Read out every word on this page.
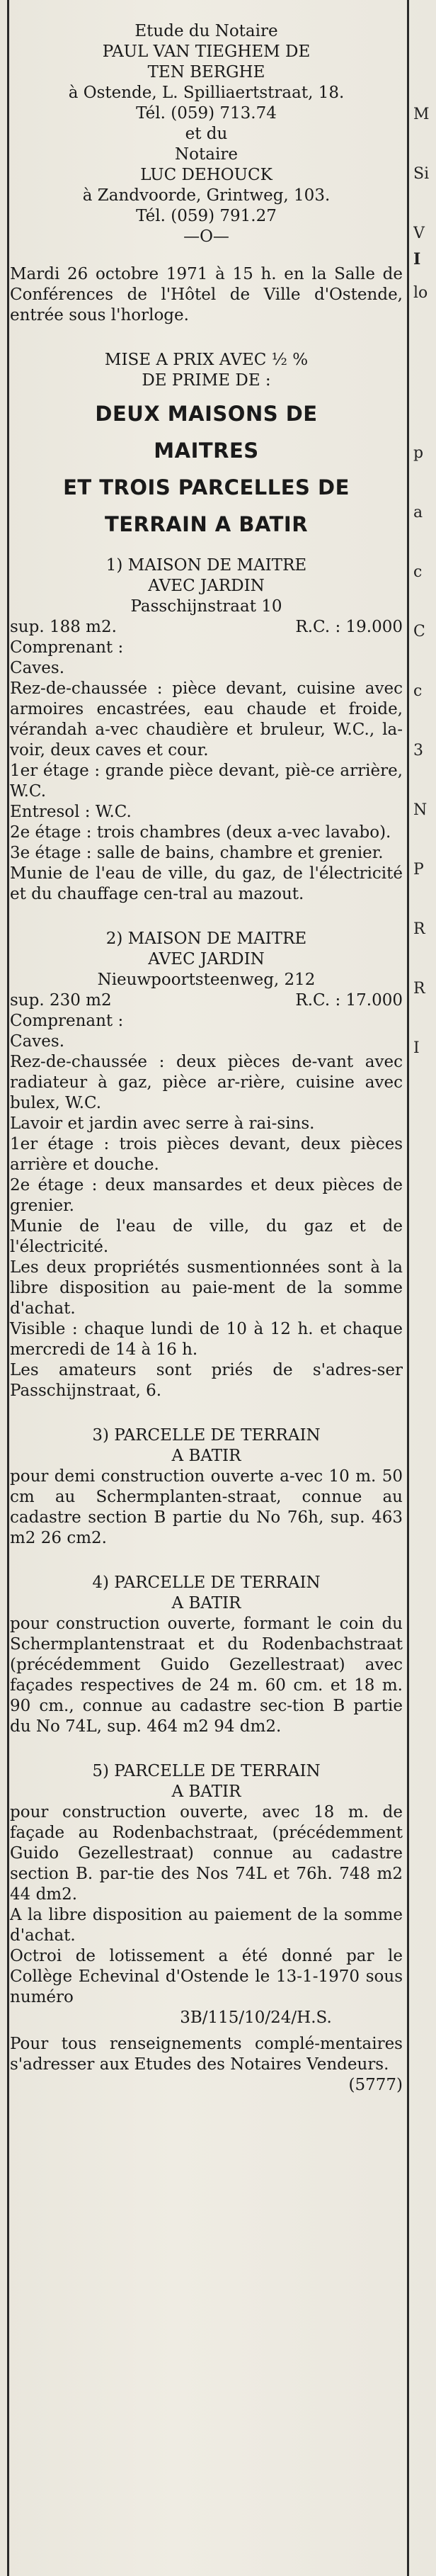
M

Si

V

lo

I

p

a

c

C

c

3

N

P

R

R

I

Etude du Notaire
PAUL VAN TIEGHEM DE
TEN BERGHE
à Ostende, L. Spilliaertstraat, 18.
Tél. (059) 713.74
et du
Notaire
LUC DEHOUCK
à Zandvoorde, Grintweg, 103.
Tél. (059) 791.27
—O—

Mardi 26 octobre 1971 à 15 h. en la Salle de Conférences de l'Hôtel de Ville d'Ostende, entrée sous l'horloge.

MISE A PRIX AVEC ½ %
DE PRIME DE :
DEUX MAISONS DE
MAITRES
ET TROIS PARCELLES DE
TERRAIN A BATIR
1) MAISON DE MAITRE
AVEC JARDIN
Passchijnstraat 10
sup. 188 m2.	R.C. : 19.000
Comprenant :
Caves.

Rez-de-chaussée : pièce devant, cuisine avec armoires encastrées, eau chaude et froide, vérandah a-vec chaudière et bruleur, W.C., la-voir, deux caves et cour.

1er étage : grande pièce devant, piè-ce arrière, W.C.

Entresol : W.C.

2e étage : trois chambres (deux a-vec lavabo).

3e étage : salle de bains, chambre et grenier.

Munie de l'eau de ville, du gaz, de l'électricité et du chauffage cen-tral au mazout.

2) MAISON DE MAITRE
AVEC JARDIN
Nieuwpoortsteenweg, 212
sup. 230 m2	R.C. : 17.000
Comprenant :
Caves.

Rez-de-chaussée : deux pièces de-vant avec radiateur à gaz, pièce ar-rière, cuisine avec bulex, W.C.

Lavoir et jardin avec serre à rai-sins.

1er étage : trois pièces devant, deux pièces arrière et douche.

2e étage : deux mansardes et deux pièces de grenier.

Munie de l'eau de ville, du gaz et de l'électricité.

Les deux propriétés susmentionnées sont à la libre disposition au paie-ment de la somme d'achat.

Visible : chaque lundi de 10 à 12 h. et chaque mercredi de 14 à 16 h.

Les amateurs sont priés de s'adres-ser Passchijnstraat, 6.

3) PARCELLE DE TERRAIN
A BATIR

pour demi construction ouverte a-vec 10 m. 50 cm au Schermplanten-straat, connue au cadastre section B partie du No 76h, sup. 463 m2 26 cm2.

4) PARCELLE DE TERRAIN
A BATIR

pour construction ouverte, formant le coin du Schermplantenstraat et du Rodenbachstraat (précédemment Guido Gezellestraat) avec façades respectives de 24 m. 60 cm. et 18 m. 90 cm., connue au cadastre sec-tion B partie du No 74L, sup. 464 m2 94 dm2.

5) PARCELLE DE TERRAIN
A BATIR

pour construction ouverte, avec 18 m. de façade au Rodenbachstraat, (précédemment Guido Gezellestraat) connue au cadastre section B. par-tie des Nos 74L et 76h. 748 m2 44 dm2.

A la libre disposition au paiement de la somme d'achat.

Octroi de lotissement a été donné par le Collège Echevinal d'Ostende le 13-1-1970 sous numéro

3B/115/10/24/H.S.

Pour tous renseignements complé-mentaires s'adresser aux Etudes des Notaires Vendeurs.

(5777)
